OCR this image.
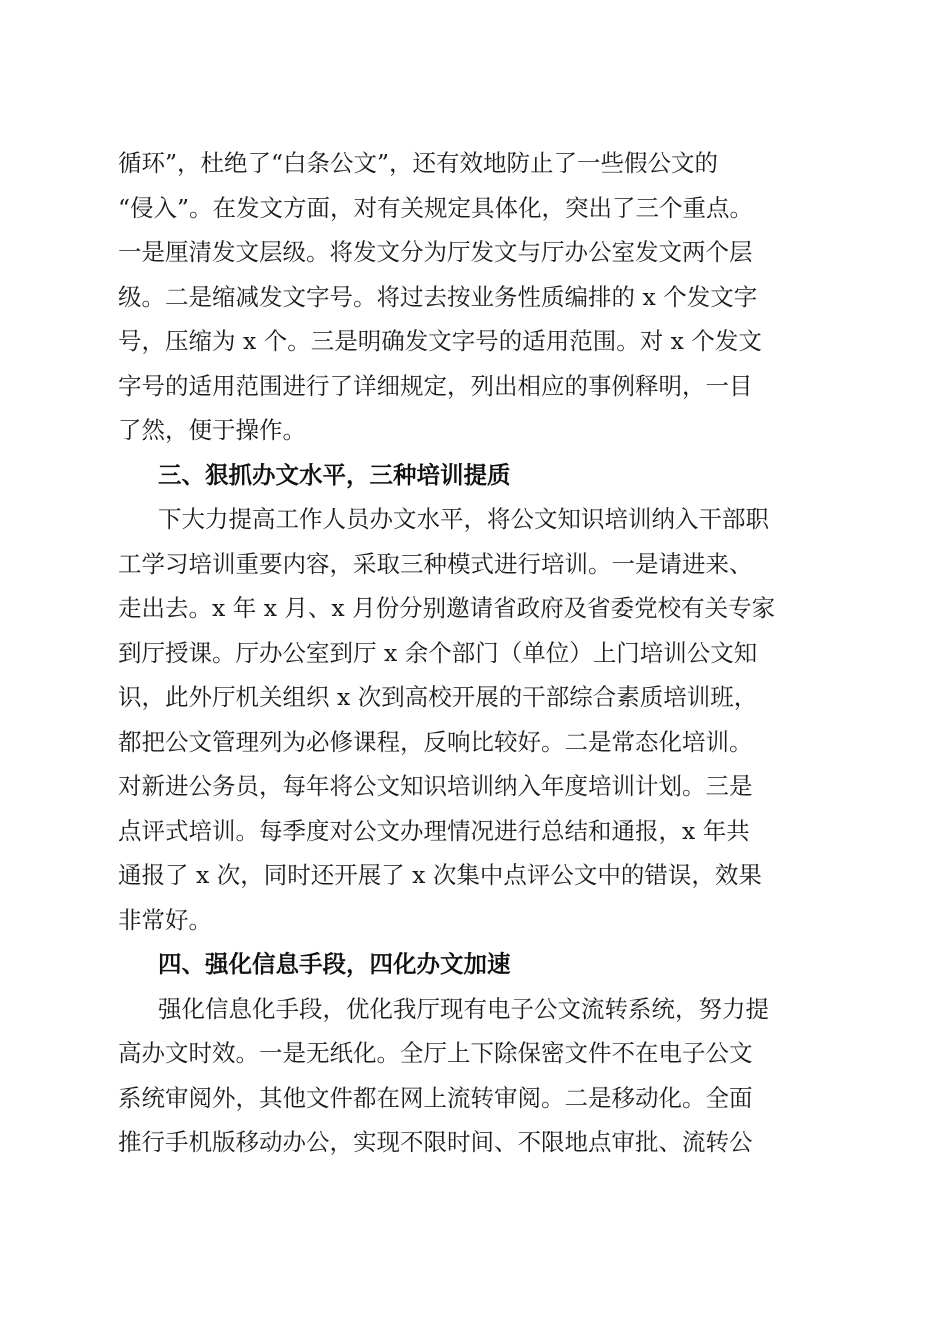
循环”，杜绝了“白条公文”，还有效地防止了一些假公文的
“侵入”。在发文方面，对有关规定具体化，突出了三个重点。
一是厘清发文层级。将发文分为厅发文与厅办公室发文两个层
级。二是缩减发文字号。将过去按业务性质编排的 x 个发文字
号，压缩为 x 个。三是明确发文字号的适用范围。对 x 个发文
字号的适用范围进行了详细规定，列出相应的事例释明，一目
了然，便于操作。
三、狠抓办文水平，三种培训提质
下大力提高工作人员办文水平，将公文知识培训纳入干部职
工学习培训重要内容，采取三种模式进行培训。一是请进来、
走出去。x 年 x 月、x 月份分别邀请省政府及省委党校有关专家
到厅授课。厅办公室到厅 x 余个部门（单位）上门培训公文知
识，此外厅机关组织 x 次到高校开展的干部综合素质培训班，
都把公文管理列为必修课程，反响比较好。二是常态化培训。
对新进公务员，每年将公文知识培训纳入年度培训计划。三是
点评式培训。每季度对公文办理情况进行总结和通报，x 年共
通报了 x 次，同时还开展了 x 次集中点评公文中的错误，效果
非常好。
四、强化信息手段，四化办文加速
强化信息化手段，优化我厅现有电子公文流转系统，努力提
高办文时效。一是无纸化。全厅上下除保密文件不在电子公文
系统审阅外，其他文件都在网上流转审阅。二是移动化。全面
推行手机版移动办公，实现不限时间、不限地点审批、流转公
